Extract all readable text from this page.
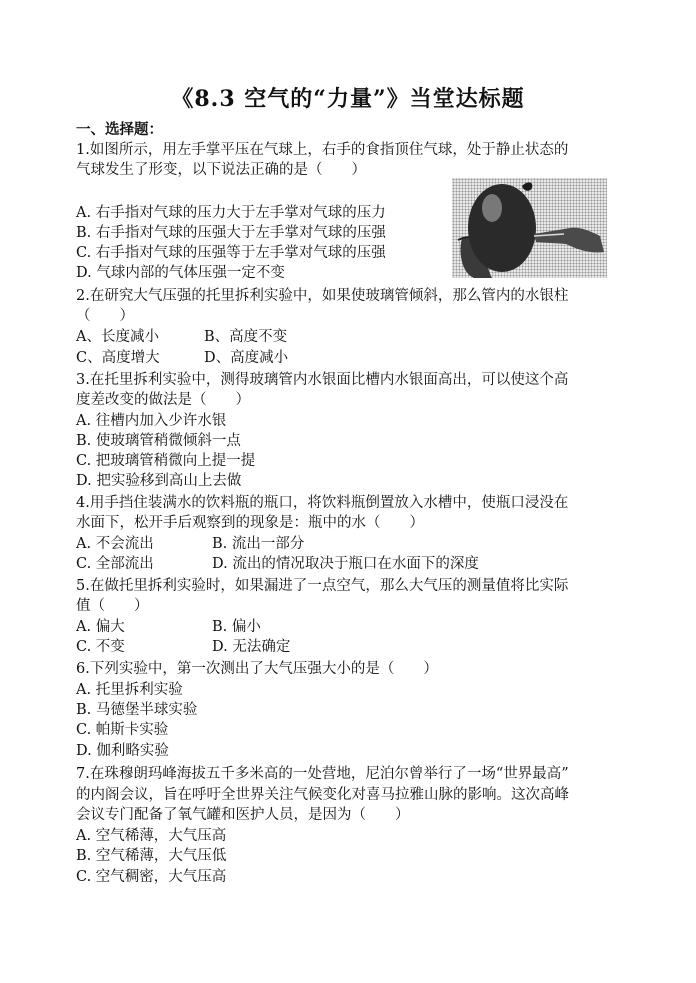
《8.3 空气的“力量”》当堂达标题
一、选择题：
1.如图所示，用左手掌平压在气球上，右手的食指顶住气球，处于静止状态的
气球发生了形变，以下说法正确的是（　　）
A. 右手指对气球的压力大于左手掌对气球的压力
B. 右手指对气球的压强大于左手掌对气球的压强
C. 右手指对气球的压强等于左手掌对气球的压强
D. 气球内部的气体压强一定不变
2.在研究大气压强的托里拆利实验中，如果使玻璃管倾斜，那么管内的水银柱
（　　）
A、长度减小	B、高度不变
C、高度增大	D、高度减小
3.在托里拆利实验中，测得玻璃管内水银面比槽内水银面高出，可以使这个高
度差改变的做法是（　　）
A. 往槽内加入少许水银
B. 使玻璃管稍微倾斜一点
C. 把玻璃管稍微向上提一提
D. 把实验移到高山上去做
4.用手挡住装满水的饮料瓶的瓶口，将饮料瓶倒置放入水槽中，使瓶口浸没在
水面下，松开手后观察到的现象是：瓶中的水（　　）
A. 不会流出	B. 流出一部分
C. 全部流出	D. 流出的情况取决于瓶口在水面下的深度
5.在做托里拆利实验时，如果漏进了一点空气，那么大气压的测量值将比实际
值（　　）
A. 偏大	B. 偏小
C. 不变	D. 无法确定
6.下列实验中，第一次测出了大气压强大小的是（　　）
A. 托里拆利实验
B. 马德堡半球实验
C. 帕斯卡实验
D. 伽利略实验
7.在珠穆朗玛峰海拔五千多米高的一处营地，尼泊尔曾举行了一场“世界最高”
的内阁会议，旨在呼吁全世界关注气候变化对喜马拉雅山脉的影响。这次高峰
会议专门配备了氧气罐和医护人员，是因为（　　）
A. 空气稀薄，大气压高
B. 空气稀薄，大气压低
C. 空气稠密，大气压高
